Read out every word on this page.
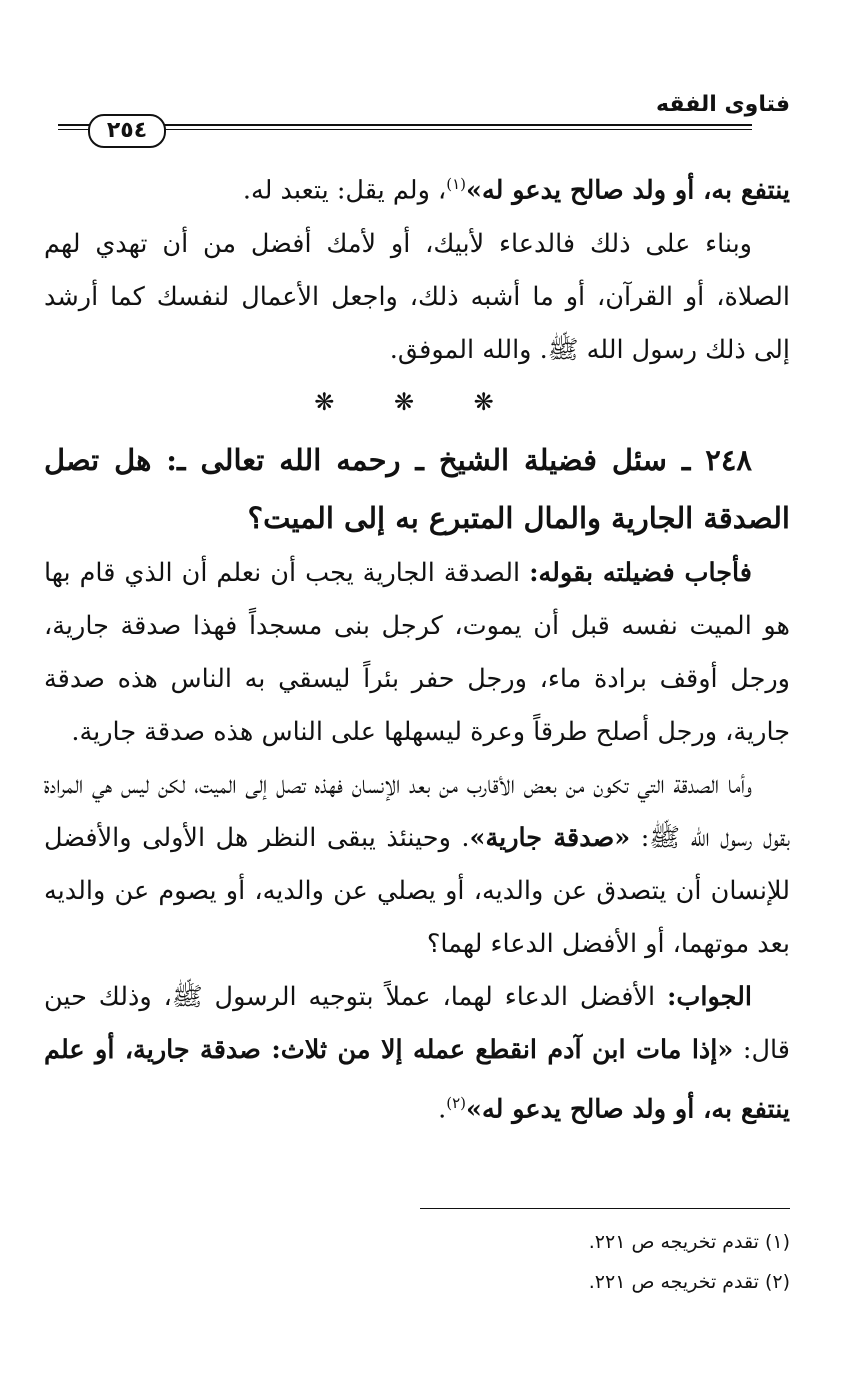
فتاوى الفقه
٢٥٤

ينتفع به، أو ولد صالح يدعو له»$^{(١)}$، ولم يقل: يتعبد له.

وبناء على ذلك فالدعاء لأبيك، أو لأمك أفضل من أن تهدي لهم الصلاة، أو القرآن، أو ما أشبه ذلك، واجعل الأعمال لنفسك كما أرشد إلى ذلك رسول الله ﷺ. والله الموفق.

❋ ❋ ❋

٢٤٨ ـ سئل فضيلة الشيخ ـ رحمه الله تعالى ـ: هل تصل الصدقة الجارية والمال المتبرع به إلى الميت؟

فأجاب فضيلته بقوله: الصدقة الجارية يجب أن نعلم أن الذي قام بها هو الميت نفسه قبل أن يموت، كرجل بنى مسجداً فهذا صدقة جارية، ورجل أوقف برادة ماء، ورجل حفر بئراً ليسقي به الناس هذه صدقة جارية، ورجل أصلح طرقاً وعرة ليسهلها على الناس هذه صدقة جارية.

وأما الصدقة التي تكون من بعض الأقارب من بعد الإنسان فهذه تصل إلى الميت، لكن ليس هي المرادة بقول رسول الله ﷺ: «صدقة جارية». وحينئذ يبقى النظر هل الأولى والأفضل للإنسان أن يتصدق عن والديه، أو يصلي عن والديه، أو يصوم عن والديه بعد موتهما، أو الأفضل الدعاء لهما؟

الجواب: الأفضل الدعاء لهما، عملاً بتوجيه الرسول ﷺ، وذلك حين قال: «إذا مات ابن آدم انقطع عمله إلا من ثلاث: صدقة جارية، أو علم ينتفع به، أو ولد صالح يدعو له»$^{(٢)}$.

(١) تقدم تخريجه ص ٢٢١.
(٢) تقدم تخريجه ص ٢٢١.
